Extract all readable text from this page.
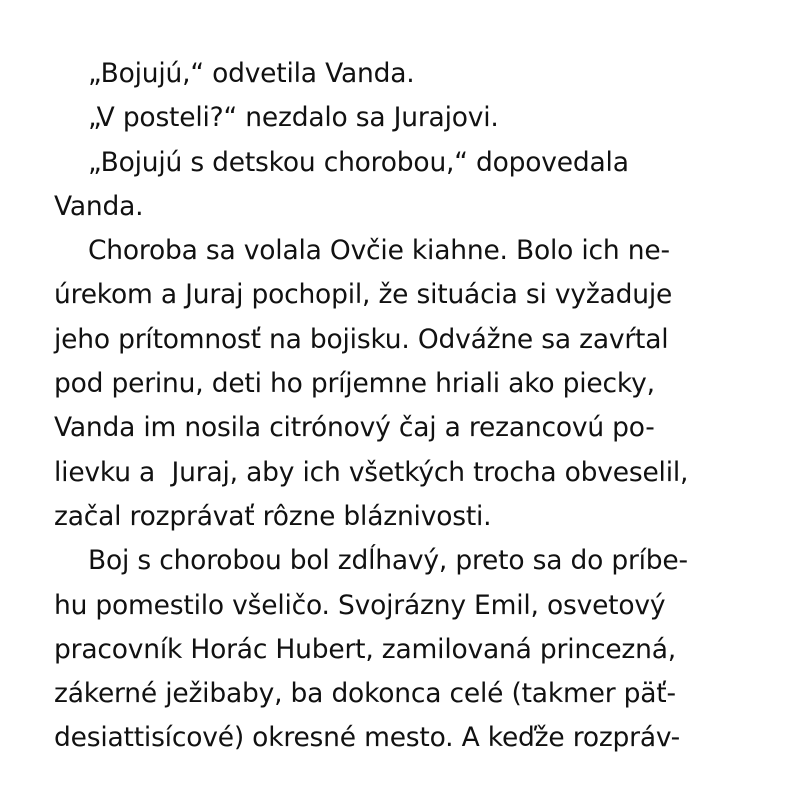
„Bojujú,“ odvetila Vanda.
„V posteli?“ nezdalo sa Jurajovi.
„Bojujú s detskou chorobou,“ dopovedala
Vanda.
Choroba sa volala Ovčie kiahne. Bolo ich ne-
úrekom a Juraj pochopil, že situácia si vyžaduje
jeho prítomnosť na bojisku. Odvážne sa zavŕtal
pod perinu, deti ho príjemne hriali ako piecky,
Vanda im nosila citrónový čaj a rezancovú po-
lievku a  Juraj, aby ich všetkých trocha obveselil,
začal rozprávať rôzne bláznivosti.
Boj s chorobou bol zdĺhavý, preto sa do príbe-
hu pomestilo všeličo. Svojrázny Emil, osvetový
pracovník Horác Hubert, zamilovaná princezná,
zákerné ježibaby, ba dokonca celé (takmer päť-
desiattisícové) okresné mesto. A keďže rozpráv-
